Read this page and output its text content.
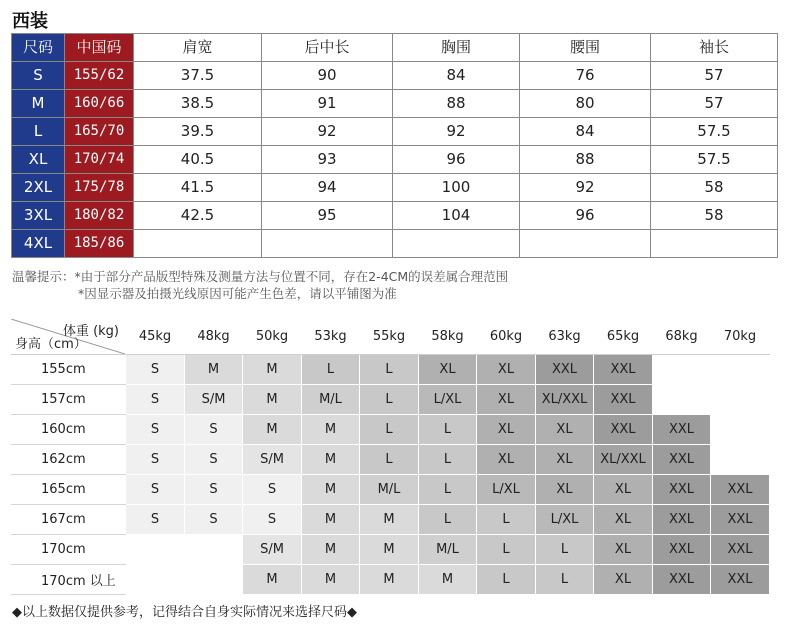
西装
尺码	中国码	肩宽	后中长	胸围	腰围	袖长
S	155/62	37.5	90	84	76	57
M	160/66	38.5	91	88	80	57
L	165/70	39.5	92	92	84	57.5
XL	170/74	40.5	93	96	88	57.5
2XL	175/78	41.5	94	100	92	58
3XL	180/82	42.5	95	104	96	58
4XL	185/86					
温馨提示：*由于部分产品版型特殊及测量方法与位置不同，存在2-4CM的误差属合理范围
*因显示器及拍摄光线原因可能产生色差，请以平铺图为准
体重 (kg)
身高（cm）	45kg	48kg	50kg	53kg	55kg	58kg	60kg	63kg	65kg	68kg	70kg
155cm	S	M	M	L	L	XL	XL	XXL	XXL		
157cm	S	S/M	M	M/L	L	L/XL	XL	XL/XXL	XXL		
160cm	S	S	M	M	L	L	XL	XL	XXL	XXL	
162cm	S	S	S/M	M	L	L	XL	XL	XL/XXL	XXL	
165cm	S	S	S	M	M/L	L	L/XL	XL	XL	XXL	XXL
167cm	S	S	S	M	M	L	L	L/XL	XL	XXL	XXL
170cm			S/M	M	M	M/L	L	L	XL	XXL	XXL
170cm 以上			M	M	M	M	L	L	XL	XXL	XXL
◆以上数据仅提供参考，记得结合自身实际情况来选择尺码◆
